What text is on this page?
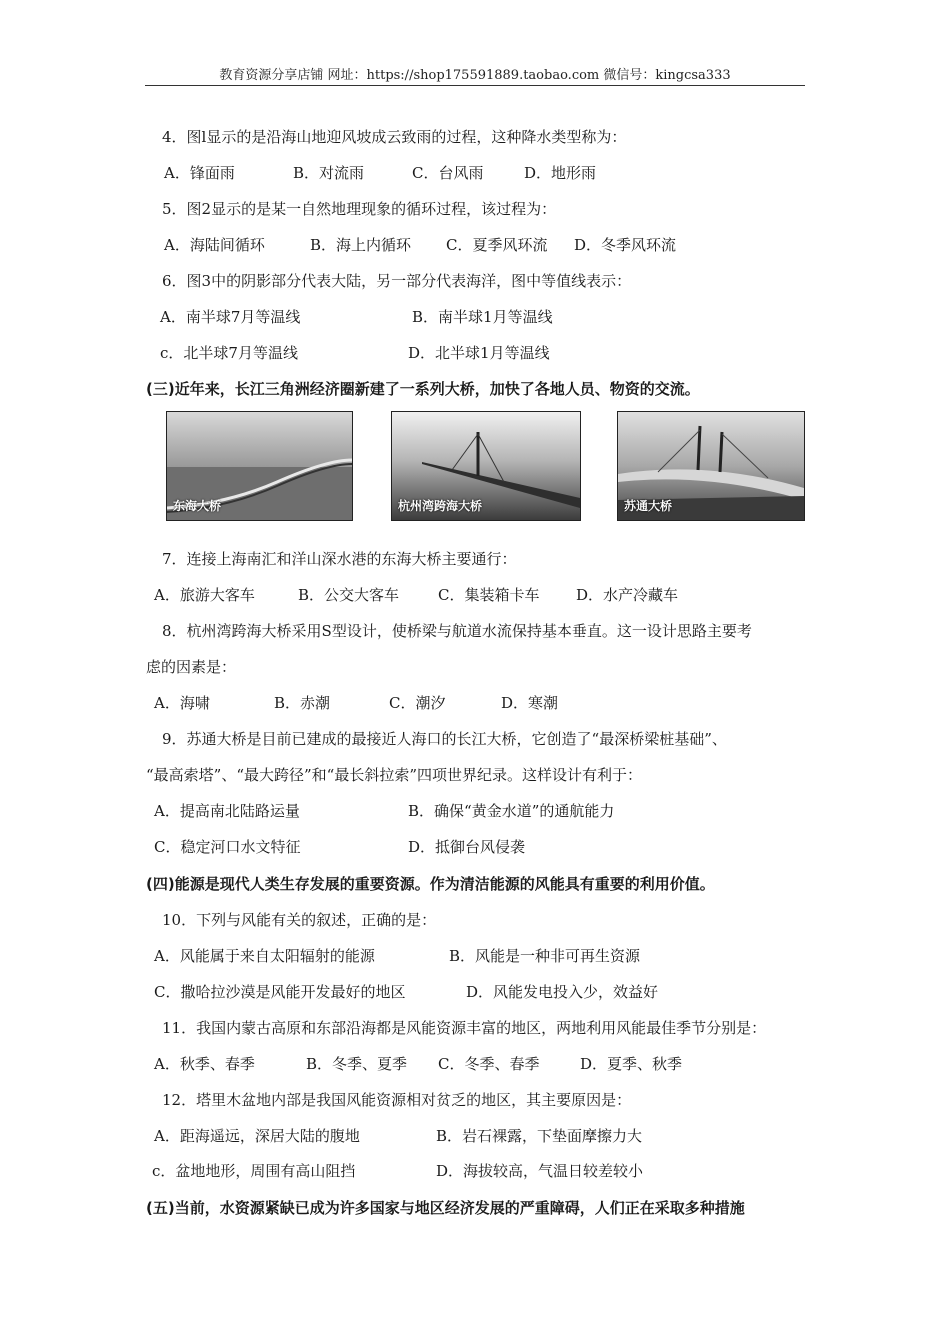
教育资源分享店铺 网址：https://shop175591889.taobao.com 微信号：kingcsa333
4．图l显示的是沿海山地迎风坡成云致雨的过程，这种降水类型称为：
A．锋面雨	B．对流雨	C．台风雨	D．地形雨
5．图2显示的是某一自然地理现象的循环过程，该过程为：
A．海陆间循环	B．海上内循环 C．夏季风环流 D．冬季风环流
6．图3中的阴影部分代表大陆，另一部分代表海洋，图中等值线表示：
A．南半球7月等温线	B．南半球1月等温线
c．北半球7月等温线	D．北半球1月等温线
(三)近年来，长江三角洲经济圈新建了一系列大桥，加快了各地人员、物资的交流。
东海大桥	杭州湾跨海大桥	苏通大桥
7．连接上海南汇和洋山深水港的东海大桥主要通行：
A．旅游大客车	B．公交大客车	C．集装箱卡车 D．水产冷藏车
8．杭州湾跨海大桥采用S型设计，使桥梁与航道水流保持基本垂直。这一设计思路主要考
虑的因素是：
A．海啸	B．赤潮	C．潮汐	D．寒潮
9．苏通大桥是目前已建成的最接近人海口的长江大桥，它创造了“最深桥梁桩基础”、
“最高索塔”、“最大跨径”和“最长斜拉索”四项世界纪录。这样设计有利于：
A．提高南北陆路运量	B．确保“黄金水道”的通航能力
C．稳定河口水文特征	D．抵御台风侵袭
(四)能源是现代人类生存发展的重要资源。作为清洁能源的风能具有重要的利用价值。
10．下列与风能有关的叙述，正确的是：
A．风能属于来自太阳辐射的能源	B．风能是一种非可再生资源
C．撒哈拉沙漠是风能开发最好的地区	D．风能发电投入少，效益好
11．我国内蒙古高原和东部沿海都是风能资源丰富的地区，两地利用风能最佳季节分别是：
A．秋季、春季	B．冬季、夏季 C．冬季、春季	D．夏季、秋季
12．塔里木盆地内部是我国风能资源相对贫乏的地区，其主要原因是：
A．距海遥远，深居大陆的腹地	B．岩石裸露，下垫面摩擦力大
c．盆地地形，周围有高山阻挡	D．海拔较高，气温日较差较小
(五)当前，水资源紧缺已成为许多国家与地区经济发展的严重障碍，人们正在采取多种措施
